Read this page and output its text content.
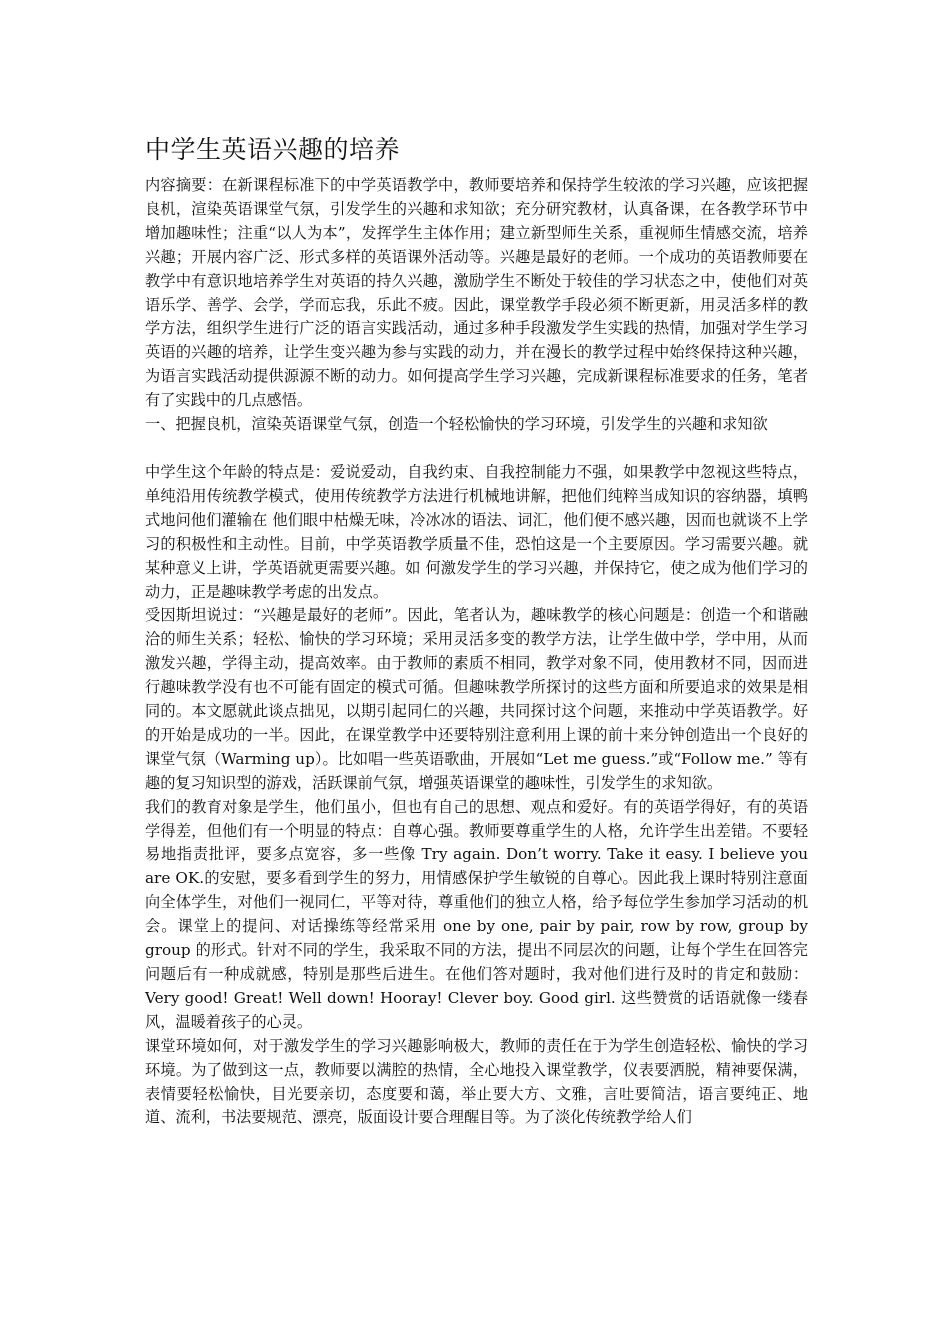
中学生英语兴趣的培养

内容摘要：在新课程标准下的中学英语教学中，教师要培养和保持学生较浓的学习兴趣，应该把握良机，渲染英语课堂气氛，引发学生的兴趣和求知欲；充分研究教材，认真备课，在各教学环节中增加趣味性；注重“以人为本”，发挥学生主体作用；建立新型师生关系，重视师生情感交流，培养兴趣；开展内容广泛、形式多样的英语课外活动等。兴趣是最好的老师。一个成功的英语教师要在教学中有意识地培养学生对英语的持久兴趣，激励学生不断处于较佳的学习状态之中，使他们对英语乐学、善学、会学，学而忘我，乐此不疲。因此，课堂教学手段必须不断更新，用灵活多样的教学方法，组织学生进行广泛的语言实践活动，通过多种手段激发学生实践的热情，加强对学生学习英语的兴趣的培养，让学生变兴趣为参与实践的动力，并在漫长的教学过程中始终保持这种兴趣，为语言实践活动提供源源不断的动力。如何提高学生学习兴趣，完成新课程标准要求的任务，笔者有了实践中的几点感悟。

一、把握良机，渲染英语课堂气氛，创造一个轻松愉快的学习环境，引发学生的兴趣和求知欲

中学生这个年龄的特点是：爱说爱动，自我约束、自我控制能力不强，如果教学中忽视这些特点，单纯沿用传统教学模式，使用传统教学方法进行机械地讲解，把他们纯粹当成知识的容纳器，填鸭式地问他们灌输在 他们眼中枯燥无味，冷冰冰的语法、词汇，他们便不感兴趣，因而也就谈不上学习的积极性和主动性。目前，中学英语教学质量不佳，恐怕这是一个主要原因。学习需要兴趣。就某种意义上讲，学英语就更需要兴趣。如 何激发学生的学习兴趣，并保持它，使之成为他们学习的动力，正是趣味教学考虑的出发点。

受因斯坦说过：“兴趣是最好的老师”。因此，笔者认为，趣味教学的核心问题是：创造一个和谐融洽的师生关系；轻松、愉快的学习环境；采用灵活多变的教学方法，让学生做中学，学中用，从而激发兴趣，学得主动，提高效率。由于教师的素质不相同，教学对象不同，使用教材不同，因而进行趣味教学没有也不可能有固定的模式可循。但趣味教学所探讨的这些方面和所要追求的效果是相同的。本文愿就此谈点拙见，以期引起同仁的兴趣，共同探讨这个问题，来推动中学英语教学。好的开始是成功的一半。因此，在课堂教学中还要特别注意利用上课的前十来分钟创造出一个良好的课堂气氛（Warming up）。比如唱一些英语歌曲，开展如“Let me guess.”或“Follow me.” 等有趣的复习知识型的游戏，活跃课前气氛，增强英语课堂的趣味性，引发学生的求知欲。

我们的教育对象是学生，他们虽小，但也有自己的思想、观点和爱好。有的英语学得好，有的英语学得差，但他们有一个明显的特点：自尊心强。教师要尊重学生的人格，允许学生出差错。不要轻易地指责批评，要多点宽容，多一些像 Try again. Don’t worry. Take it easy. I believe you are OK.的安慰，要多看到学生的努力，用情感保护学生敏锐的自尊心。因此我上课时特别注意面向全体学生，对他们一视同仁，平等对待，尊重他们的独立人格，给予每位学生参加学习活动的机会。课堂上的提问、对话操练等经常采用 one by one, pair by pair, row by row, group by group 的形式。针对不同的学生，我采取不同的方法，提出不同层次的问题，让每个学生在回答完问题后有一种成就感，特别是那些后进生。在他们答对题时，我对他们进行及时的肯定和鼓励：Very good! Great! Well down! Hooray! Clever boy. Good girl. 这些赞赏的话语就像一缕春风，温暖着孩子的心灵。

课堂环境如何，对于激发学生的学习兴趣影响极大，教师的责任在于为学生创造轻松、愉快的学习环境。为了做到这一点，教师要以满腔的热情，全心地投入课堂教学，仪表要洒脱，精神要保满，表情要轻松愉快，目光要亲切，态度要和蔼，举止要大方、文雅，言吐要简洁，语言要纯正、地道、流利，书法要规范、漂亮，版面设计要合理醒目等。为了淡化传统教学给人们
